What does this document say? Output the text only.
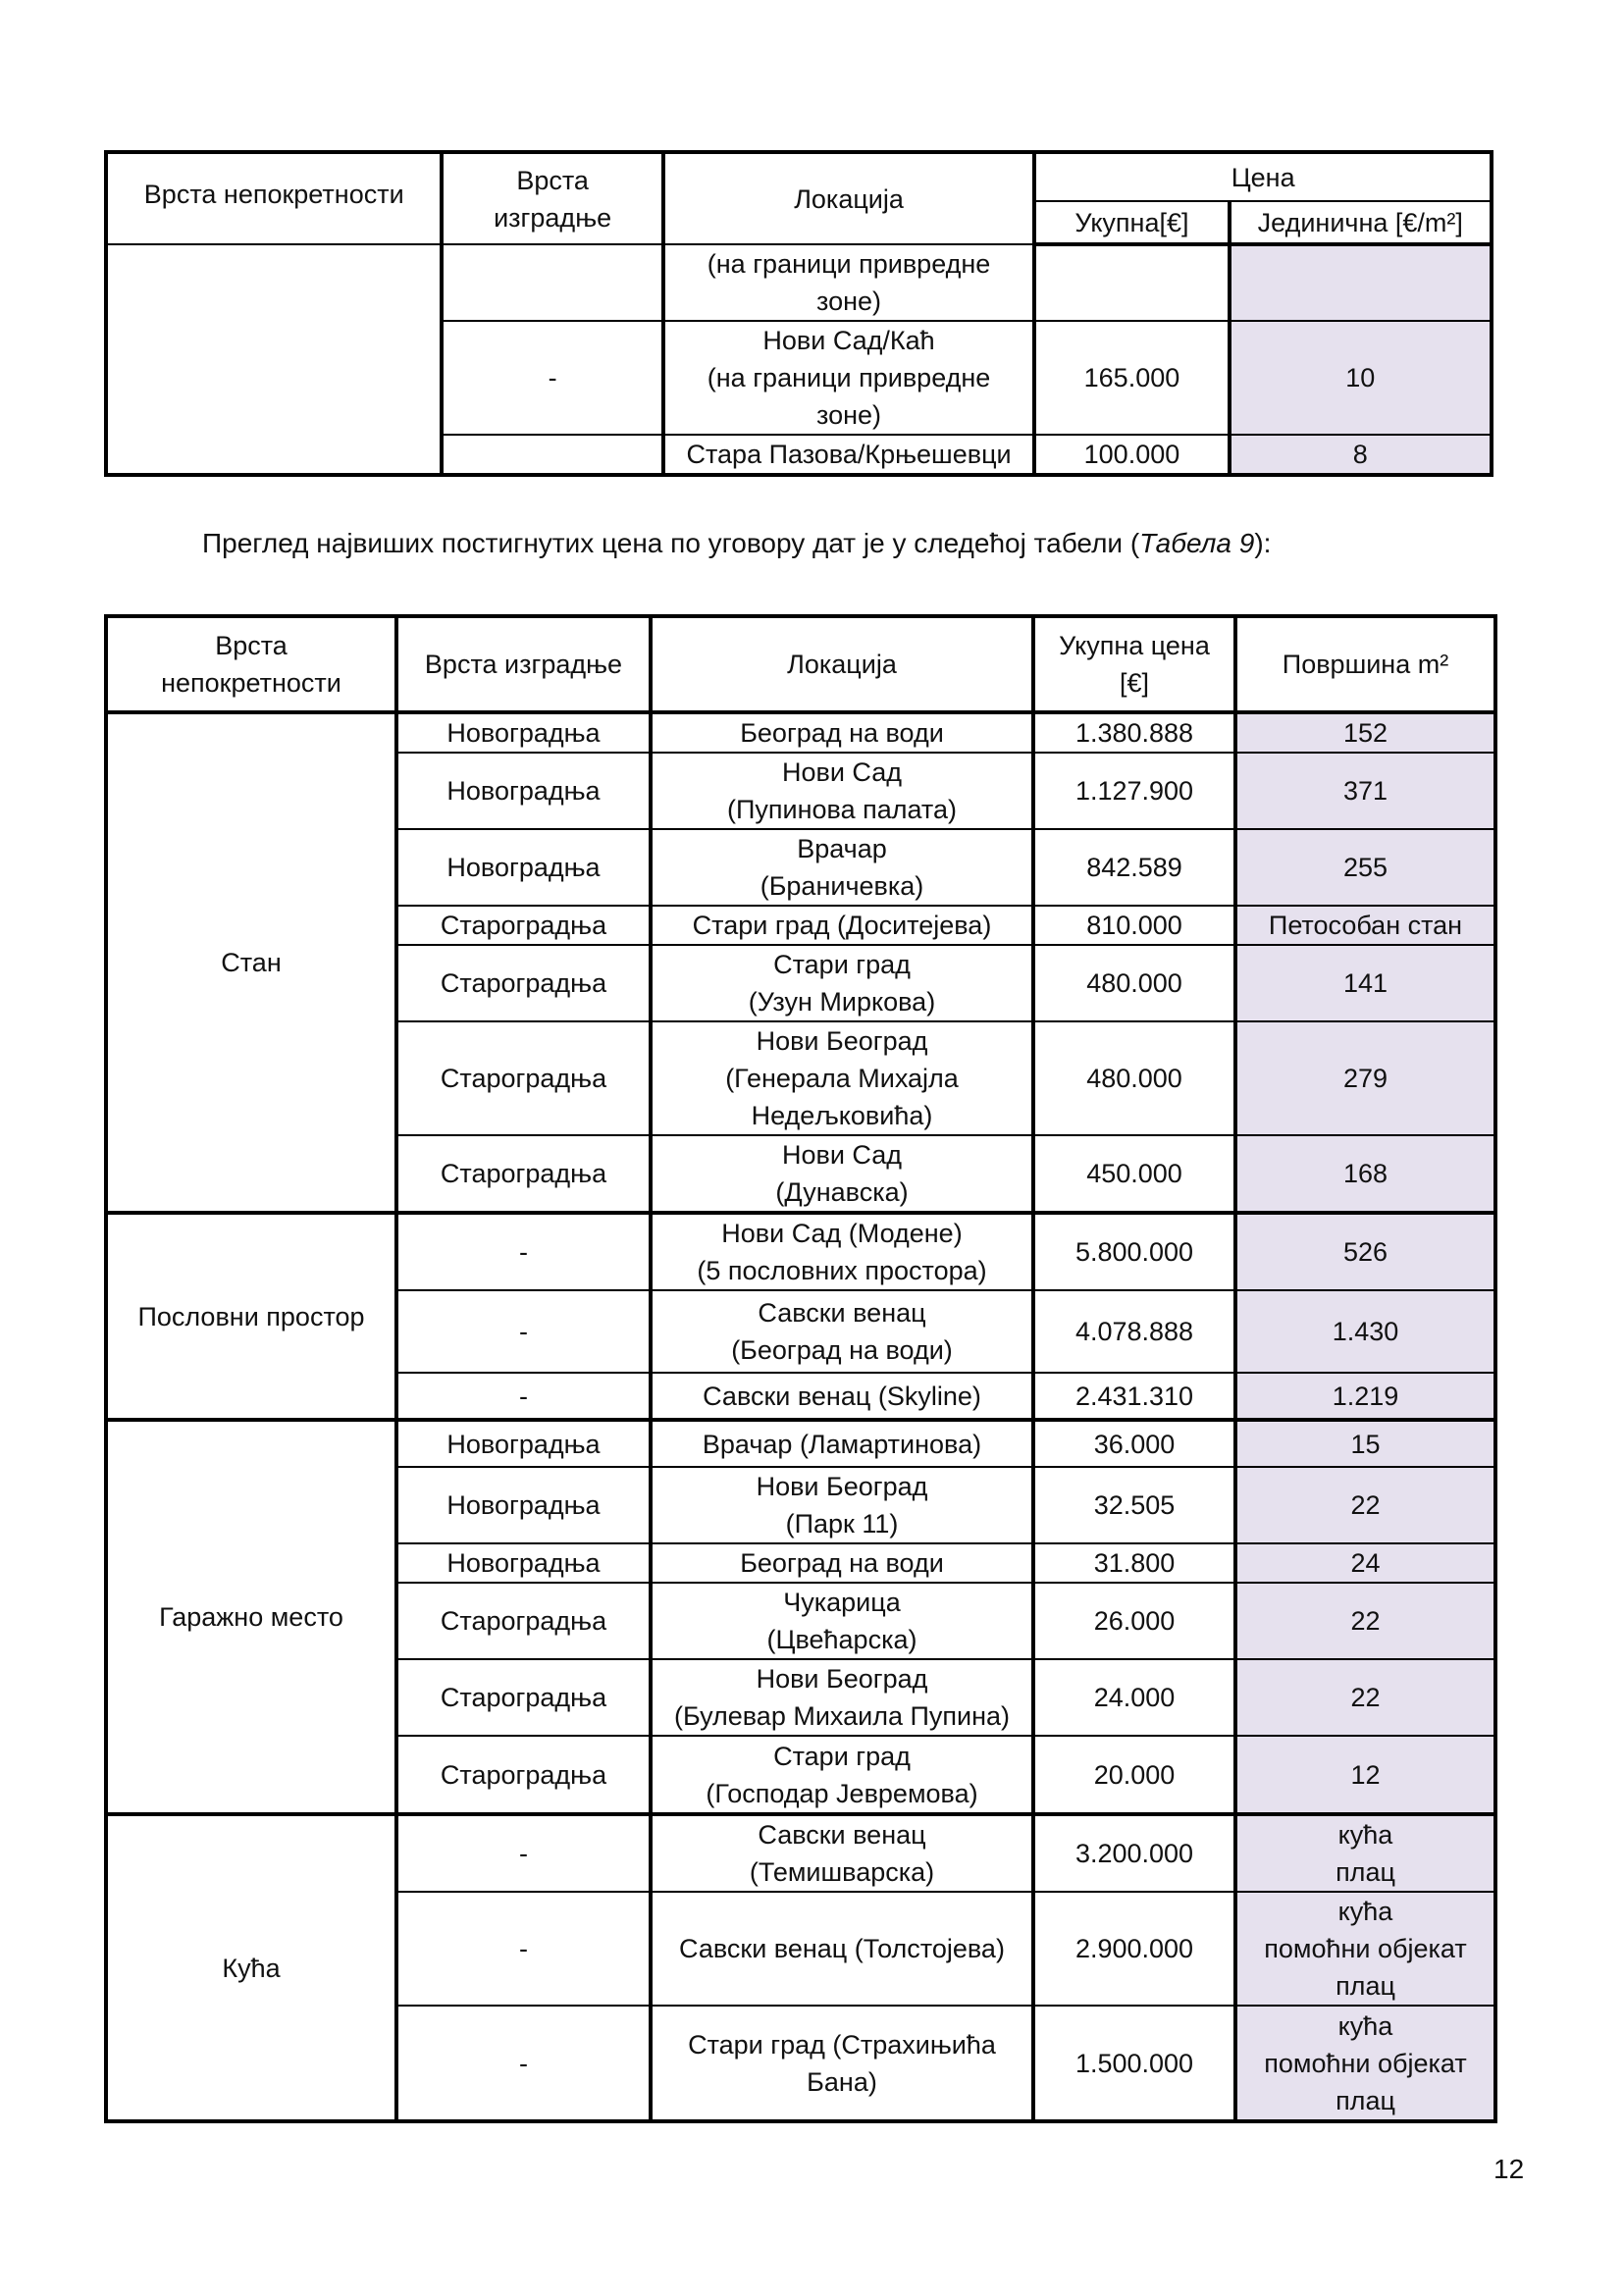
Врста непокретности	Врста
изградње	Локација	Цена	
			Укупна[€]	Јединична [€/m²]
		(на граници привредне
зоне)		
	-	Нови Сад/Каћ
(на граници привредне
зоне)	165.000	10
		Стара Пазова/Крњешевци	100.000	8

Преглед највиших постигнутих цена по уговору дат је у следећој табели (Табела 9):

Врста
непокретности	Врста изградње	Локација	Укупна цена
[€]	Површина m²
Стан	Новоградња	Београд на води	1.380.888	152
	Новоградња	Нови Сад
(Пупинова палата)	1.127.900	371
	Новоградња	Врачар
(Браничевка)	842.589	255
	Староградња	Стари град (Доситејева)	810.000	Петособан стан
	Староградња	Стари град
(Узун Миркова)	480.000	141
	Староградња	Нови Београд
(Генерала Михајла
Недељковића)	480.000	279
	Староградња	Нови Сад
(Дунавска)	450.000	168
Пословни простор	-	Нови Сад (Модене)
(5 пословних простора)	5.800.000	526
	-	Савски венац
(Београд на води)	4.078.888	1.430
	-	Савски венац (Skyline)	2.431.310	1.219
Гаражно место	Новоградња	Врачар (Ламартинова)	36.000	15
	Новоградња	Нови Београд
(Парк 11)	32.505	22
	Новоградња	Београд на води	31.800	24
	Староградња	Чукарица
(Цвећарска)	26.000	22
	Староградња	Нови Београд
(Булевар Михаила Пупина)	24.000	22
	Староградња	Стари град
(Господар Јевремова)	20.000	12
Кућа	-	Савски венац
(Темишварска)	3.200.000	кућа
плац
	-	Савски венац (Толстојева)	2.900.000	кућа
помоћни објекат
плац
	-	Стари град (Страхињића
Бана)	1.500.000	кућа
помоћни објекат
плац
12
